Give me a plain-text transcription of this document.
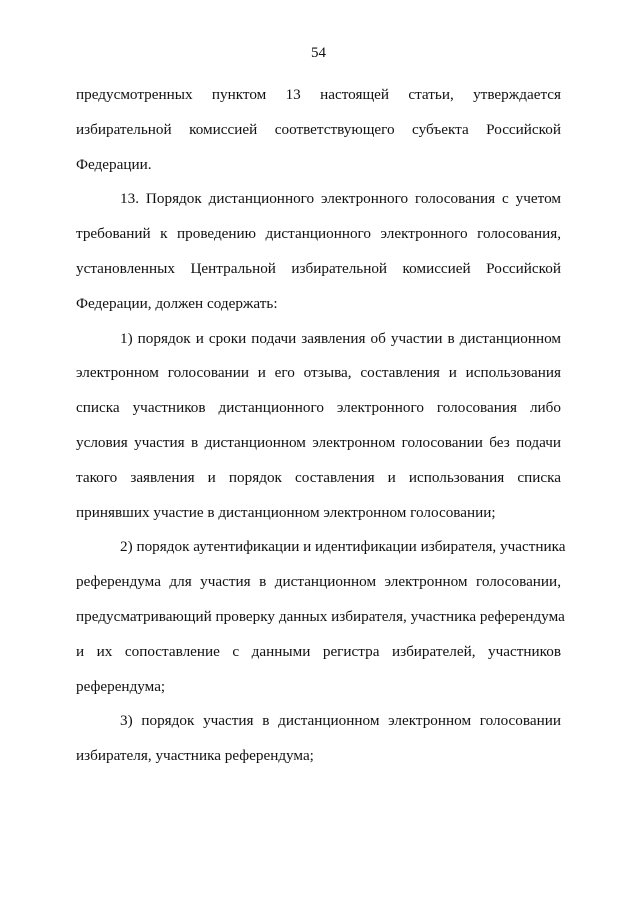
54
предусмотренных пунктом 13 настоящей статьи, утверждается
избирательной комиссией соответствующего субъекта Российской
Федерации.
13. Порядок дистанционного электронного голосования с учетом
требований к проведению дистанционного электронного голосования,
установленных Центральной избирательной комиссией Российской
Федерации, должен содержать:
1) порядок и сроки подачи заявления об участии в дистанционном
электронном голосовании и его отзыва, составления и использования
списка участников дистанционного электронного голосования либо
условия участия в дистанционном электронном голосовании без подачи
такого заявления и порядок составления и использования списка
принявших участие в дистанционном электронном голосовании;
2) порядок аутентификации и идентификации избирателя, участника
референдума для участия в дистанционном электронном голосовании,
предусматривающий проверку данных избирателя, участника референдума
и их сопоставление с данными регистра избирателей, участников
референдума;
3) порядок участия в дистанционном электронном голосовании
избирателя, участника референдума;
